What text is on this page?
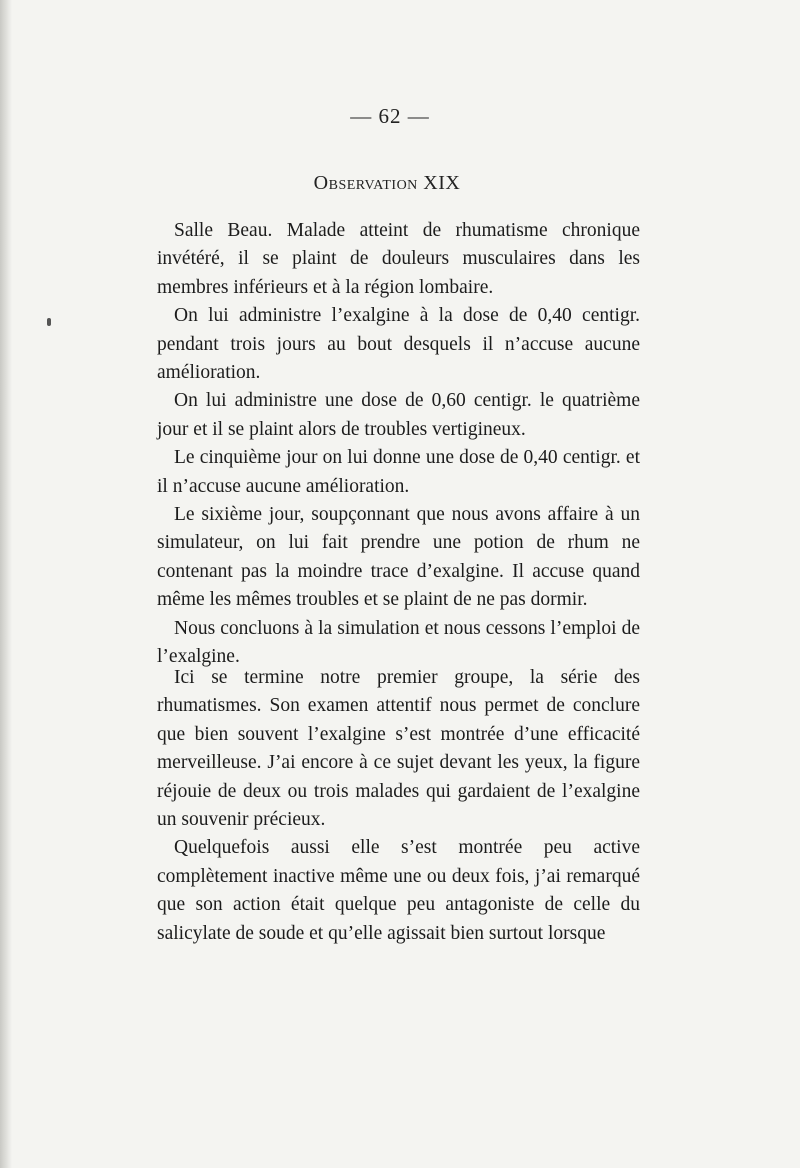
— 62 —
Observation XIX

Salle Beau. Malade atteint de rhumatisme chronique invétéré, il se plaint de douleurs musculaires dans les membres inférieurs et à la région lombaire.

On lui administre l’exalgine à la dose de 0,40 centigr. pendant trois jours au bout desquels il n’accuse aucune amélioration.

On lui administre une dose de 0,60 centigr. le quatrième jour et il se plaint alors de troubles vertigineux.

Le cinquième jour on lui donne une dose de 0,40 centigr. et il n’accuse aucune amélioration.

Le sixième jour, soupçonnant que nous avons affaire à un simulateur, on lui fait prendre une potion de rhum ne contenant pas la moindre trace d’exalgine. Il accuse quand même les mêmes troubles et se plaint de ne pas dormir.

Nous concluons à la simulation et nous cessons l’emploi de l’exalgine.

Ici se termine notre premier groupe, la série des rhumatismes. Son examen attentif nous permet de conclure que bien souvent l’exalgine s’est montrée d’une efficacité merveilleuse. J’ai encore à ce sujet devant les yeux, la figure réjouie de deux ou trois malades qui gardaient de l’exalgine un souvenir précieux.

Quelquefois aussi elle s’est montrée peu active complètement inactive même une ou deux fois, j’ai remarqué que son action était quelque peu antagoniste de celle du salicylate de soude et qu’elle agissait bien surtout lorsque
